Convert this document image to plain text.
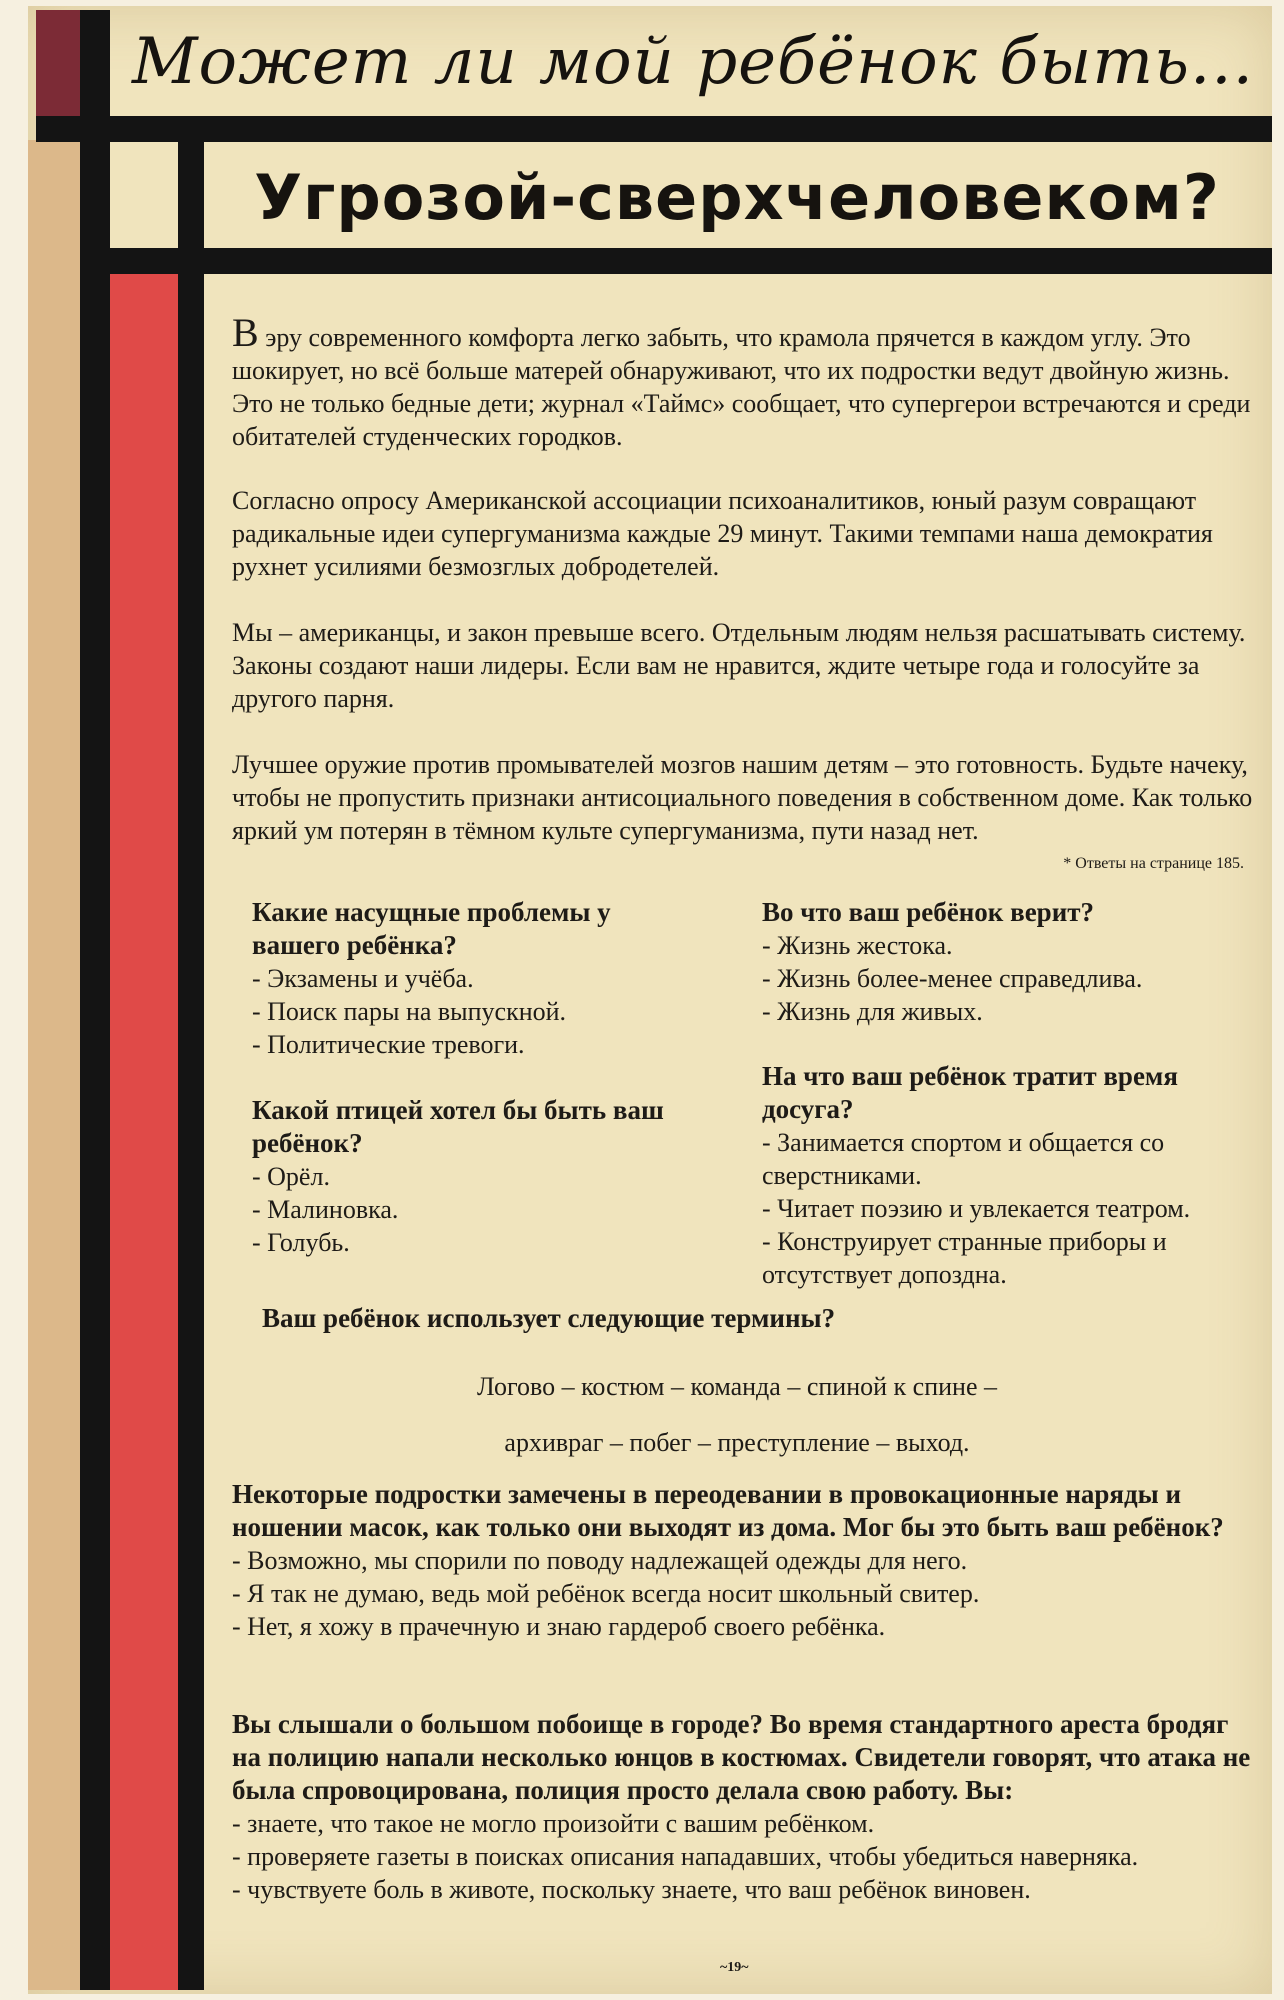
Может ли мой ребёнок быть...
Угрозой-сверхчеловеком?

В эру современного комфорта легко забыть, что крамола прячется в каждом углу. Это шокирует, но всё больше матерей обнаруживают, что их подростки ведут двойную жизнь. Это не только бедные дети; журнал «Таймс» сообщает, что супергерои встречаются и среди обитателей студенческих городков.

Согласно опросу Американской ассоциации психоаналитиков, юный разум совращают радикальные идеи супергуманизма каждые 29 минут. Такими темпами наша демократия рухнет усилиями безмозглых добродетелей.

Мы – американцы, и закон превыше всего. Отдельным людям нельзя расшатывать систему. Законы создают наши лидеры. Если вам не нравится, ждите четыре года и голосуйте за другого парня.

Лучшее оружие против промывателей мозгов нашим детям – это готовность. Будьте начеку, чтобы не пропустить признаки антисоциального поведения в собственном доме. Как только яркий ум потерян в тёмном культе супергуманизма, пути назад нет.

* Ответы на странице 185.
Какие насущные проблемы у вашего ребёнка?
- Экзамены и учёба.
- Поиск пары на выпускной.
- Политические тревоги.
Какой птицей хотел бы быть ваш ребёнок?
- Орёл.
- Малиновка.
- Голубь.
Во что ваш ребёнок верит?
- Жизнь жестока.
- Жизнь более-менее справедлива.
- Жизнь для живых.
На что ваш ребёнок тратит время досуга?
- Занимается спортом и общается со сверстниками.
- Читает поэзию и увлекается театром.
- Конструирует странные приборы и отсутствует допоздна.
Ваш ребёнок использует следующие термины?
Логово – костюм – команда – спиной к спине –
архивраг – побег – преступление – выход.
Некоторые подростки замечены в переодевании в провокационные наряды и ношении масок, как только они выходят из дома. Мог бы это быть ваш ребёнок?
- Возможно, мы спорили по поводу надлежащей одежды для него.
- Я так не думаю, ведь мой ребёнок всегда носит школьный свитер.
- Нет, я хожу в прачечную и знаю гардероб своего ребёнка.
Вы слышали о большом побоище в городе? Во время стандартного ареста бродяг на полицию напали несколько юнцов в костюмах. Свидетели говорят, что атака не была спровоцирована, полиция просто делала свою работу. Вы:
- знаете, что такое не могло произойти с вашим ребёнком.
- проверяете газеты в поисках описания нападавших, чтобы убедиться наверняка.
- чувствуете боль в животе, поскольку знаете, что ваш ребёнок виновен.
~19~
